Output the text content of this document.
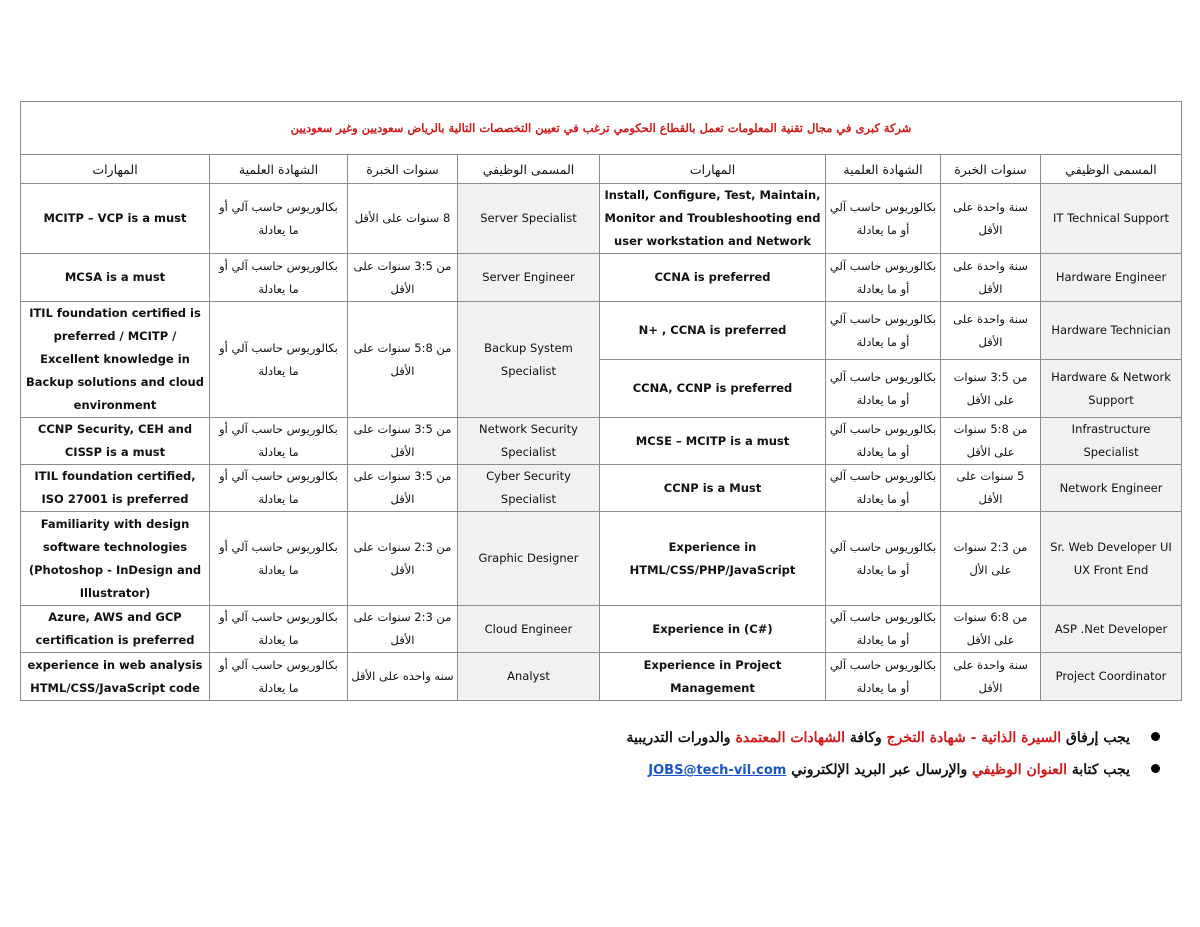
شركة كبرى في مجال تقنية المعلومات تعمل بالقطاع الحكومي ترغب في تعيين التخصصات التالية بالرياض سعوديين وغير سعوديين							
المهارات	الشهادة العلمية	سنوات الخبرة	المسمى الوظيفي	المهارات	الشهادة العلمية	سنوات الخبرة	المسمى الوظيفي
MCITP – VCP is a must	بكالوريوس حاسب آلي أو ما يعادلة	8 سنوات على الأقل	Server Specialist	Install, Configure, Test, Maintain, Monitor and Troubleshooting end user workstation and Network	بكالوريوس حاسب آلي أو ما يعادلة	سنة واحدة على الأقل	IT Technical Support
MCSA is a must	بكالوريوس حاسب آلي أو ما يعادلة	من 3:5 سنوات على الأقل	Server Engineer	CCNA is preferred	بكالوريوس حاسب آلي أو ما يعادلة	سنة واحدة على الأقل	Hardware Engineer
ITIL foundation certified is preferred / MCITP / Excellent knowledge in Backup solutions and cloud environment	بكالوريوس حاسب آلي أو ما يعادلة	من 5:8 سنوات على الأقل	Backup System Specialist	N+ , CCNA is preferred	بكالوريوس حاسب آلي أو ما يعادلة	سنة واحدة على الأقل	Hardware Technician
				CCNA, CCNP is preferred	بكالوريوس حاسب آلي أو ما يعادلة	من 3:5 سنوات على الأقل	Hardware & Network Support
CCNP Security, CEH and CISSP is a must	بكالوريوس حاسب آلي أو ما يعادلة	من 3:5 سنوات على الأقل	Network Security Specialist	MCSE – MCITP is a must	بكالوريوس حاسب آلي أو ما يعادلة	من 5:8 سنوات على الأقل	Infrastructure Specialist
ITIL foundation certified, ISO 27001 is preferred	بكالوريوس حاسب آلي أو ما يعادلة	من 3:5 سنوات على الأقل	Cyber Security Specialist	CCNP is a Must	بكالوريوس حاسب آلي أو ما يعادلة	5 سنوات على الأقل	Network Engineer
Familiarity with design software technologies (Photoshop - InDesign and Illustrator)	بكالوريوس حاسب آلي أو ما يعادلة	من 2:3 سنوات على الأقل	Graphic Designer	Experience in HTML/CSS/PHP/JavaScript	بكالوريوس حاسب آلي أو ما يعادلة	من 2:3 سنوات على الأل	Sr. Web Developer UI UX Front End
Azure, AWS and GCP certification is preferred	بكالوريوس حاسب آلي أو ما يعادلة	من 2:3 سنوات على الأقل	Cloud Engineer	Experience in (C#)	بكالوريوس حاسب آلي أو ما يعادلة	من 6:8 سنوات على الأقل	ASP .Net Developer
experience in web analysis HTML/CSS/JavaScript code	بكالوريوس حاسب آلي أو ما يعادلة	سنه واحده على الأقل	Analyst	Experience in Project Management	بكالوريوس حاسب آلي أو ما يعادلة	سنة واحدة على الأقل	Project Coordinator
يجب إرفاق السيرة الذاتية - شهادة التخرج وكافة الشهادات المعتمدة والدورات التدريبية
يجب كتابة العنوان الوظيفي والإرسال عبر البريد الإلكتروني JOBS@tech-vil.com
